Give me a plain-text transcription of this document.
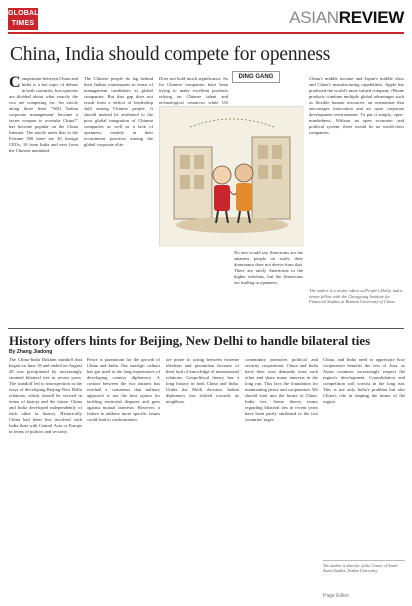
GLOBAL TIMES	ASIANREVIEW
China, India should compete for openness
C ompetition between China and India is a hot topic of debate in both countries, but opinions are divided about what exactly the two are competing for. An article along these lines "Will 'Indian corporate management' become a secret weapon to overtake China?" has become popular on the China Internet. The article notes that in the Fortune 500 there are 30 foreign CEOs, 10 from India and zero from the Chinese mainland.

The Chinese people do lag behind their Indian counterparts in terms of management candidates at global companies. But that gap does not result from a deficit of leadership skill among Chinese people. It should instead be attributed to the poor global integration of Chinese companies as well as a lack of openness, notably in their recruitment practices among the global corporate elite.

Does not hold much significance. So far Chinese companies have been trying to make excellent products relying on Chinese talent and technological resources while US

DING GANG

No one would say Americans are the smartest people on earth; their dominance does not derive from that. There are rarely Americans in the higher echelons, but the Americans are leading in openness.

China's middle income and Japan's middle class and China's manufacturing capabilities, Apple has produced the world's most valued company. iPhone products combine multiple global advantages such as flexible human resources, an orientation that encourages innovation and an open corporate development environment. To put it simply, open-mindedness. Without an open economic and political system, there would be no world-class companies.

The author is a senior editor at People's Daily, and a senior fellow with the Chongyang Institute for Financial Studies at Renmin University of China.
History offers hints for Beijing, New Delhi to handle bilateral ties
By Zhang Jiadong

The China-India Doklam standoff that began on June 18 and ended on August 28 was precipitated by increasingly strained bilateral ties in recent years. The standoff led to introspection in the ways of developing Beijing-New Delhi relations, which should be viewed in terms of history and the future. China and India developed independently of each other in history. Historically China had been less involved with India than with Central Asia or Europe in terms of politics and security.

Peace is paramount for the growth of China and India. Our strategic culture has got used to the long experiences of developing country diplomacy. A contact between the two nations has reached a consensus that military approach is not the best option for tackling territorial disputes and goes against mutual interests. However, a failure to address more specific issues could lead to confrontation.

are prone to acting between extreme idealism and pessimism because of their lack of knowledge of international relations. Geopolitical theory has a long history in both China and India. Under the Modi doctrine, Indian diplomacy has shifted towards its neighbors.

community promotes political and security cooperation. China and India have their own demands from each other and share many interests in the long run. This lays the foundation for maintaining peace and cooperation. We should look into the future of China-India ties. Some theory issues regarding bilateral ties in recent years have been partly attributed to the two countries' urges.

China, and India need to appreciate how cooperation benefits the rest of Asia, as Asian countries increasingly respect the region's development. Consolidation and competition will coexist in the long run. This is not only India's problem but also China's role in shaping the future of the region.

The author is director of the Center of South Asian Studies, Fudan University.
Page Editor
